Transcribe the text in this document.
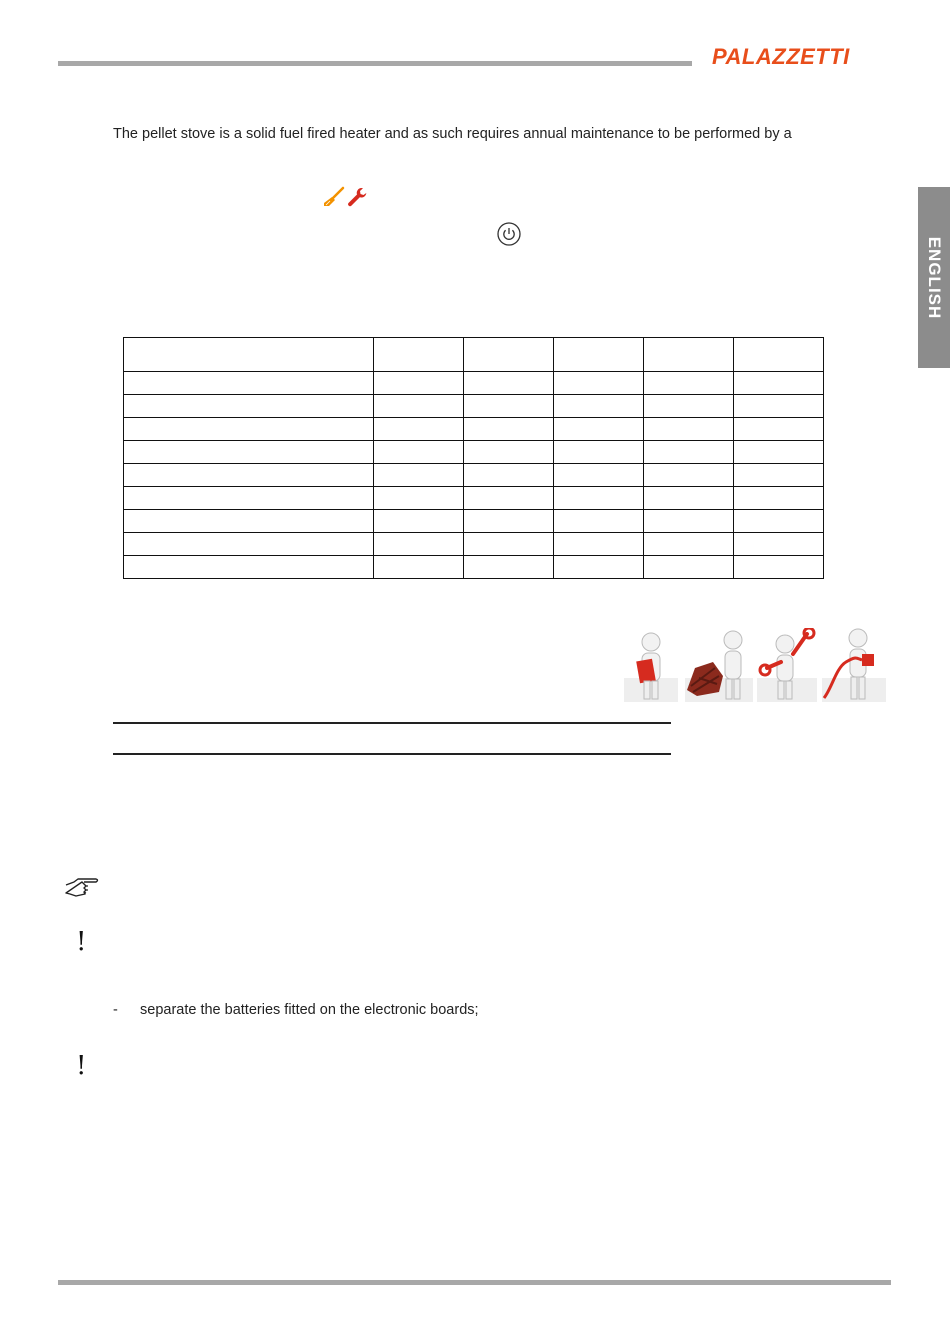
PALAZZETTI
ENGLISH
The pellet stove is a solid fuel fired heater and as such requires annual maintenance to be performed by a

!
- separate the batteries fitted on the electronic boards;
!
